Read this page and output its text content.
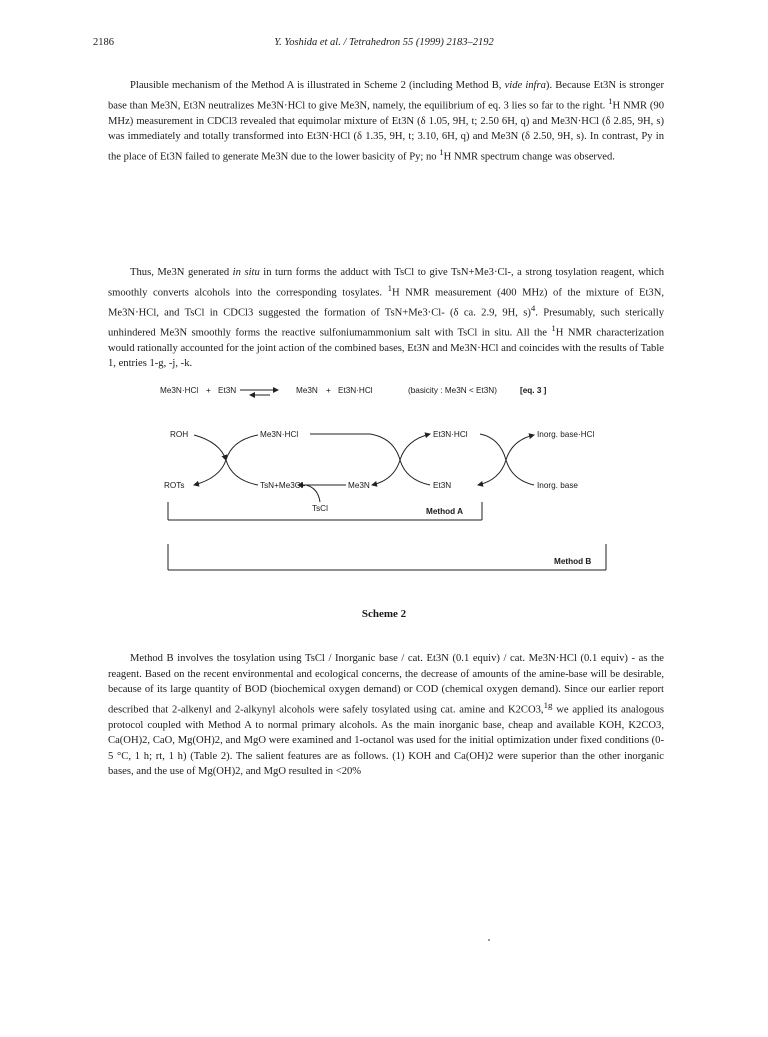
2186	Y. Yoshida et al. / Tetrahedron 55 (1999) 2183–2192

Plausible mechanism of the Method A is illustrated in Scheme 2 (including Method B, vide infra). Because Et3N is stronger base than Me3N, Et3N neutralizes Me3N·HCl to give Me3N, namely, the equilibrium of eq. 3 lies so far to the right. $^1$H NMR (90 MHz) measurement in CDCl3 revealed that equimolar mixture of Et3N (δ 1.05, 9H, t; 2.50 6H, q) and Me3N·HCl (δ 2.85, 9H, s) was immediately and totally transformed into Et3N·HCl (δ 1.35, 9H, t; 3.10, 6H, q) and Me3N (δ 2.50, 9H, s). In contrast, Py in the place of Et3N failed to generate Me3N due to the lower basicity of Py; no $^1$H NMR spectrum change was observed.

Thus, Me3N generated in situ in turn forms the adduct with TsCl to give TsN+Me3·Cl-, a strong tosylation reagent, which smoothly converts alcohols into the corresponding tosylates. $^1$H NMR measurement (400 MHz) of the mixture of Et3N, Me3N·HCl, and TsCl in CDCl3 suggested the formation of TsN+Me3·Cl- (δ ca. 2.9, 9H, s)$^4$. Presumably, such sterically unhindered Me3N smoothly forms the reactive sulfoniumammonium salt with TsCl in situ. All the $^1$H NMR characterization would rationally accounted for the joint action of the combined bases, Et3N and Me3N·HCl and coincides with the results of Table 1, entries 1-g, -j, -k.

Me3N·HCl + Et3N	Me3N + Et3N·HCl	(basicity : Me3N < Et3N)	[eq. 3 ]
ROH	Me3N·HCl	Et3N·HCl	Inorg. base·HCl
ROTs	TsN+Me3Cl-	Me3N	Et3N	Inorg. base
TsCl	Method A
Method B
Scheme 2

Method B involves the tosylation using TsCl / Inorganic base / cat. Et3N (0.1 equiv) / cat. Me3N·HCl (0.1 equiv) - as the reagent. Based on the recent environmental and ecological concerns, the decrease of amounts of the amine-base will be desirable, because of its large quantity of BOD (biochemical oxygen demand) or COD (chemical oxygen demand). Since our earlier report described that 2-alkenyl and 2-alkynyl alcohols were safely tosylated using cat. amine and K2CO3,$^{1g}$ we applied its analogous protocol coupled with Method A to normal primary alcohols. As the main inorganic base, cheap and available KOH, K2CO3, Ca(OH)2, CaO, Mg(OH)2, and MgO were examined and 1-octanol was used for the initial optimization under fixed conditions (0-5 °C, 1 h; rt, 1 h) (Table 2). The salient features are as follows. (1) KOH and Ca(OH)2 were superior than the other inorganic bases, and the use of Mg(OH)2, and MgO resulted in <20%
